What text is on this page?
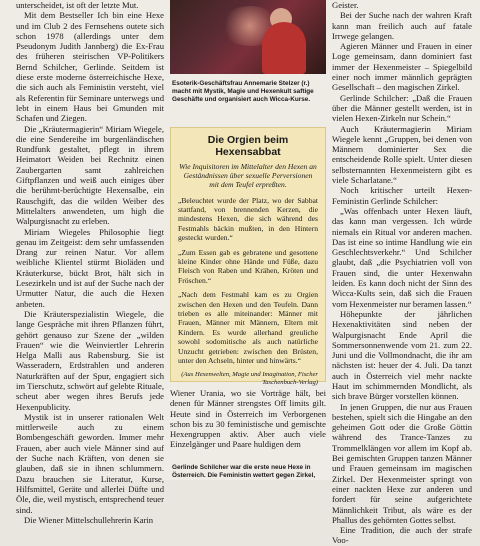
unterscheidet, ist oft der letzte Mut.

Mit dem Bestseller Ich bin eine Hexe und im Club 2 des Fernsehens outete sich schon 1978 (allerdings unter dem Pseudonym Judith Jannberg) die Ex-Frau des früheren steirischen VP-Politikers Bernd Schilcher, Gerlinde. Seitdem ist diese erste moderne österreichische Hexe, die sich auch als Feministin versteht, viel als Referentin für Seminare unterwegs und lebt in einem Haus bei Gmunden mit Schafen und Ziegen.

Die „Kräutermagierin“ Miriam Wiegele, die eine Sendereihe im burgenländischen Rundfunk gestaltet, pflegt in ihrem Heimatort Weiden bei Rechnitz einen Zaubergarten samt zahlreichen Giftpflanzen und weiß auch einiges über die berühmt-berüchtigte Hexensalbe, ein Rauschgift, das die wilden Weiber des Mittelalters anwendeten, um high die Walpurgisnacht zu erleben.

Miriam Wiegeles Philosophie liegt genau im Zeitgeist: dem sehr umfassenden Drang zur reinen Natur. Vor allem weibliche Klientel stürmt Bioläden und Kräuterkurse, bückt Brot, hält sich in Lesezirkeln und ist auf der Suche nach der Urmutter Natur, die auch die Hexen anbeten.

Die Kräuterspezialistin Wiegele, die lange Gespräche mit ihren Pflanzen führt, gehört genauso zur Szene der „wilden Frauen“ wie die Weinviertler Lehrerin Helga Malli aus Rabensburg. Sie ist Wasseradern, Erdstrahlen und anderen Naturkräften auf der Spur, engagiert sich im Tierschutz, schwört auf gelebte Rituale, scheut aber wegen ihres Berufs jede Hexenpublicity.

Mystik ist in unserer rationalen Welt mittlerweile auch zu einem Bombengeschäft geworden. Immer mehr Frauen, aber auch viele Männer sind auf der Suche nach Kräften, von denen sie glauben, daß sie in ihnen schlummern. Dazu brauchen sie Literatur, Kurse, Hilfsmittel, Geräte und allerlei Düfte und Öle, die, weil mystisch, entsprechend teuer sind.

Die Wiener Mittelschullehrerin Karin

Esoterik-Geschäftsfrau Annemarie Stelzer (r.) macht mit Mystik, Magie und Hexenkult saftige Geschäfte und organisiert auch Wicca-Kurse.
Die Orgien beim Hexensabbat

Wie Inquisitoren im Mittelalter den Hexen an Geständnissen über sexuelle Perversionen mit dem Teufel erpreßten.

„Beleuchtet wurde der Platz, wo der Sabbat stattfand, von brennenden Kerzen, die mindestens Hexen, die sich während des Festmahls bäckin mußten, in den Hintern gesteckt wurden.“

„Zum Essen gab es gebratene und gesottene kleine Kinder ohne Hände und Füße, dazu Fleisch von Raben und Krähen, Kröten und Fröschen.“

„Nach dem Festmahl kam es zu Orgien zwischen den Hexen und den Teufeln. Dann trieben es alle miteinander: Männer mit Frauen, Männer mit Männern, Eltern mit Kindern. Es wurde allerhand greuliche sowohl sodomitische als auch natürliche Unzucht getrieben: zwischen den Brüsten, unter den Achseln, hinter und hinwärts.“

(Aus Hexenwelten, Magie und Imagination, Fischer Taschenbuch-Verlag)

Wiener Urania, wo sie Vorträge hält, bei denen für Männer strengstes Off limits gilt. Heute sind in Österreich im Verborgenen schon bis zu 30 feministische und gemischte Hexengruppen aktiv. Aber auch viele Einzelgänger und Paare huldigen dem

Gerlinde Schilcher war die erste neue Hexe in Österreich. Die Feministin wettert gegen Zirkel,

Geister.

Bei der Suche nach der wahren Kraft kann man freilich auch auf fatale Irrwege gelangen.

Agieren Männer und Frauen in einer Loge gemeinsam, dann dominiert fast immer der Hexenmeister – Spiegelbild einer noch immer männlich geprägten Gesellschaft – den magischen Zirkel.

Gerlinde Schilcher: „Daß die Frauen über die Männer gestellt werden, ist in vielen Hexen-Zirkeln nur Schein.“

Auch Kräutermagierin Miriam Wiegele kennt „Gruppen, bei denen von Männern dominierter Sex die entscheidende Rolle spielt. Unter diesen selbsternannten Hexenmeistern gibt es viele Scharlatane.“

Noch kritischer urteilt Hexen-Feministin Gerlinde Schilcher:

„Was offenbach unter Hexen läuft, das kann man vergessen. Ich würde niemals ein Ritual vor anderen machen. Das ist eine so intime Handlung wie ein Geschlechtsverkehr.“ Und Schilcher glaubt, daß „die Psychiatrien voll von Frauen sind, die unter Hexenwahn leiden. Es kann doch nicht der Sinn des Wicca-Kults sein, daß sich die Frauen vom Hexenmeister nur beramen lassen.“

Höhepunkte der jährlichen Hexenaktivitäten sind neben der Walpurgisnacht Ende April die Sommersonnenwende vom 21. zum 22. Juni und die Vollmondnacht, die ihr am nächsten ist: heuer der 4. Juli. Da tanzt auch in Österreich viel mehr nackte Haut im schimmernden Mondlicht, als sich brave Bürger vorstellen können.

In jenen Gruppen, die nur aus Frauen bestehen, spielt sich die Hingabe an den geheimen Gott oder die Große Göttin während des Trance-Tanzes zu Trommelklängen vor allem im Kopf ab. Bei gemischten Gruppen tanzen Männer und Frauen gemeinsam im magischen Zirkel. Der Hexenmeister springt von einer nackten Hexe zur anderen und fordert für seine aufgerichtete Männlichkeit Tribut, als wäre es der Phallus des gehörnten Gottes selbst.

Eine Tradition, die auch der strafe Voo-
